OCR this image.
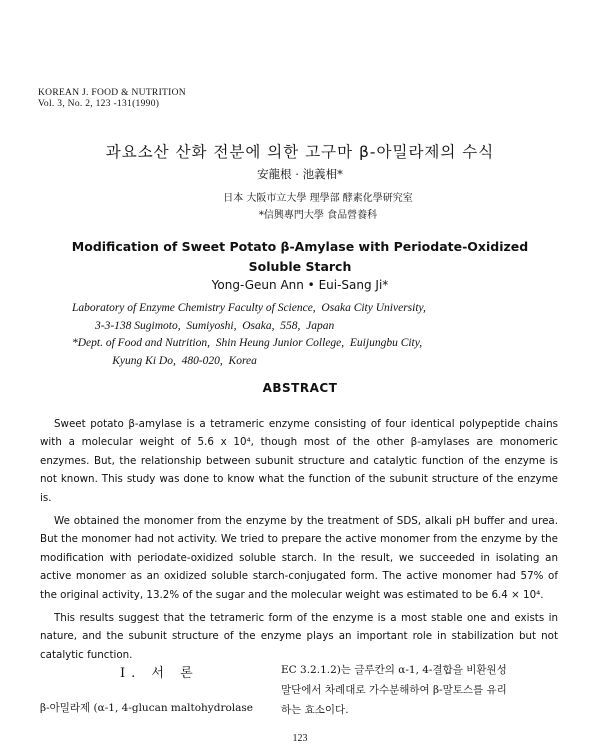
KOREAN J. FOOD & NUTRITION
Vol. 3, No. 2, 123 -131(1990)
과요소산 산화 전분에 의한 고구마 β-아밀라제의 수식
安龍根 · 池義相*
日本 大阪市立大學 理學部 酵素化學研究室
*信興專門大學 食品營養科
Modification of Sweet Potato β-Amylase with Periodate-Oxidized
Soluble Starch
Yong-Geun Ann • Eui-Sang Ji*
Laboratory of Enzyme Chemistry Faculty of Science,  Osaka City University,
3-3-138 Sugimoto,  Sumiyoshi,  Osaka,  558,  Japan
*Dept. of Food and Nutrition,  Shin Heung Junior College,  Euijungbu City,
Kyung Ki Do,  480-020,  Korea
ABSTRACT

Sweet potato β-amylase is a tetrameric enzyme consisting of four identical polypeptide chains with a molecular weight of 5.6 x 10⁴, though most of the other β-amylases are monomeric enzymes. But, the relationship between subunit structure and catalytic function of the enzyme is not known. This study was done to know what the function of the subunit structure of the enzyme is.

We obtained the monomer from the enzyme by the treatment of SDS, alkali pH buffer and urea. But the monomer had not activity. We tried to prepare the active monomer from the enzyme by the modification with periodate-oxidized soluble starch. In the result, we succeeded in isolating an active monomer as an oxidized soluble starch-conjugated form. The active monomer had 57% of the original activity, 13.2% of the sugar and the molecular weight was estimated to be 6.4 × 10⁴.

This results suggest that the tetrameric form of the enzyme is a most stable one and exists in nature, and the subunit structure of the enzyme plays an important role in stabilization but not catalytic function.

I. 서 론
β-아밀라제 (α-1, 4-glucan maltohydrolase
EC 3.2.1.2)는 글루칸의 α-1, 4-결합을 비환원성
말단에서 차례대로 가수분해하여 β-말토스를 유리
하는 효소이다.
123
